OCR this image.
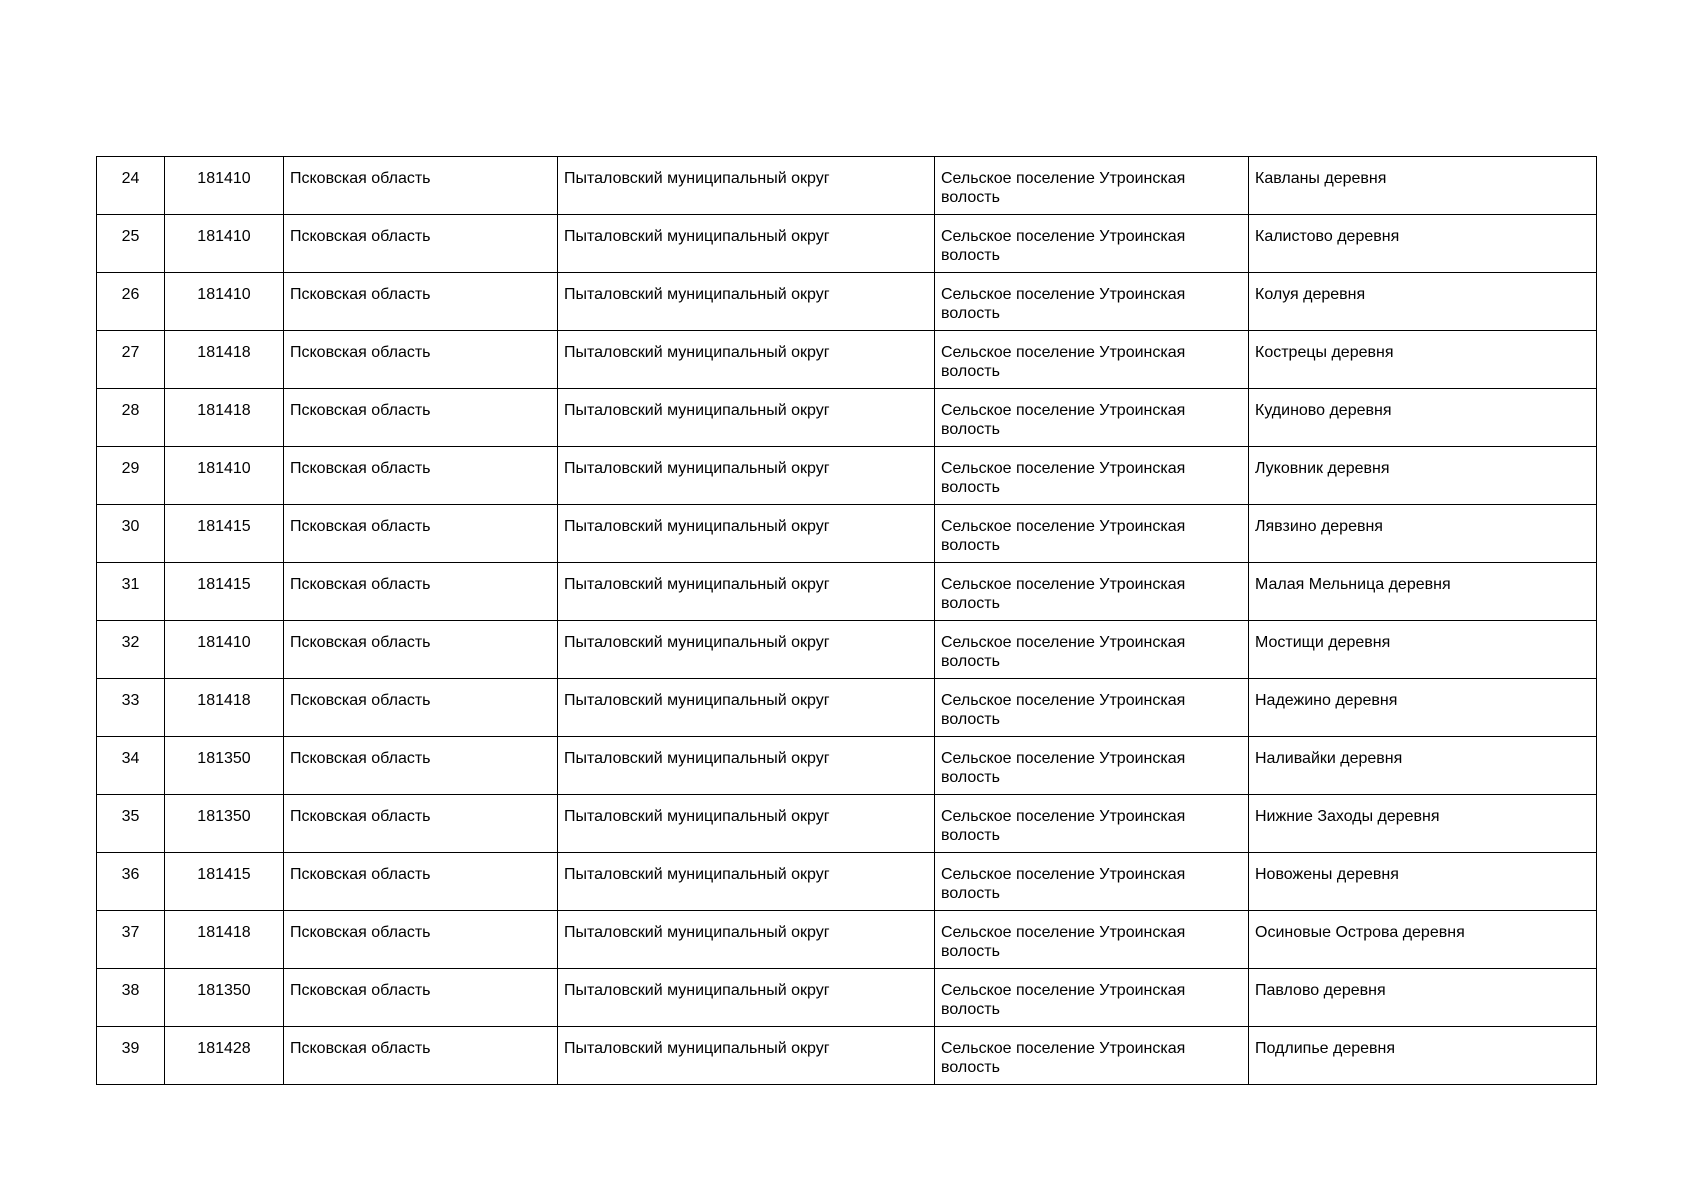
24	181410	Псковская область	Пыталовский муниципальный округ	Сельское поселение Утроинская волость	Кавланы деревня
25	181410	Псковская область	Пыталовский муниципальный округ	Сельское поселение Утроинская волость	Калистово деревня
26	181410	Псковская область	Пыталовский муниципальный округ	Сельское поселение Утроинская волость	Колуя деревня
27	181418	Псковская область	Пыталовский муниципальный округ	Сельское поселение Утроинская волость	Кострецы деревня
28	181418	Псковская область	Пыталовский муниципальный округ	Сельское поселение Утроинская волость	Кудиново деревня
29	181410	Псковская область	Пыталовский муниципальный округ	Сельское поселение Утроинская волость	Луковник деревня
30	181415	Псковская область	Пыталовский муниципальный округ	Сельское поселение Утроинская волость	Лявзино деревня
31	181415	Псковская область	Пыталовский муниципальный округ	Сельское поселение Утроинская волость	Малая Мельница деревня
32	181410	Псковская область	Пыталовский муниципальный округ	Сельское поселение Утроинская волость	Мостищи деревня
33	181418	Псковская область	Пыталовский муниципальный округ	Сельское поселение Утроинская волость	Надежино деревня
34	181350	Псковская область	Пыталовский муниципальный округ	Сельское поселение Утроинская волость	Наливайки деревня
35	181350	Псковская область	Пыталовский муниципальный округ	Сельское поселение Утроинская волость	Нижние Заходы деревня
36	181415	Псковская область	Пыталовский муниципальный округ	Сельское поселение Утроинская волость	Новожены деревня
37	181418	Псковская область	Пыталовский муниципальный округ	Сельское поселение Утроинская волость	Осиновые Острова деревня
38	181350	Псковская область	Пыталовский муниципальный округ	Сельское поселение Утроинская волость	Павлово деревня
39	181428	Псковская область	Пыталовский муниципальный округ	Сельское поселение Утроинская волость	Подлипье деревня
